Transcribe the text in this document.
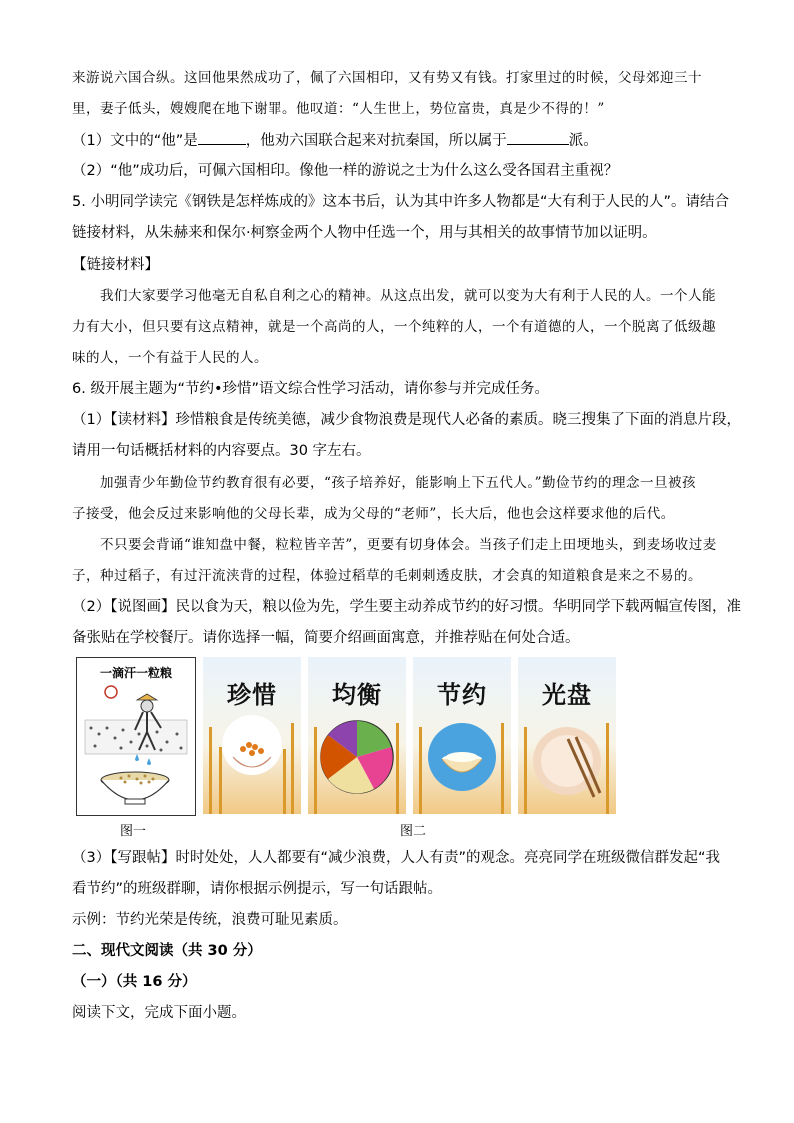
来游说六国合纵。这回他果然成功了，佩了六国相印，又有势又有钱。打家里过的时候，父母郊迎三十
里，妻子低头，嫂嫂爬在地下谢罪。他叹道：“人生世上，势位富贵，真是少不得的！”
（1）文中的“他”是	，他劝六国联合起来对抗秦国，所以属于	派。
（2）“他”成功后，可佩六国相印。像他一样的游说之士为什么这么受各国君主重视？
5. 小明同学读完《钢铁是怎样炼成的》这本书后，认为其中许多人物都是“大有利于人民的人”。请结合
链接材料，从朱赫来和保尔·柯察金两个人物中任选一个，用与其相关的故事情节加以证明。
【链接材料】
我们大家要学习他毫无自私自利之心的精神。从这点出发，就可以变为大有利于人民的人。一个人能
力有大小，但只要有这点精神，就是一个高尚的人，一个纯粹的人，一个有道德的人，一个脱离了低级趣
味的人，一个有益于人民的人。
6. 级开展主题为“节约•珍惜”语文综合性学习活动，请你参与并完成任务。
（1）【读材料】珍惜粮食是传统美德，减少食物浪费是现代人必备的素质。晓三搜集了下面的消息片段，
请用一句话概括材料的内容要点。30 字左右。
加强青少年勤俭节约教育很有必要，“孩子培养好，能影响上下五代人。”勤俭节约的理念一旦被孩
子接受，他会反过来影响他的父母长辈，成为父母的“老师”，长大后，他也会这样要求他的后代。
不只要会背诵“谁知盘中餐，粒粒皆辛苦”，更要有切身体会。当孩子们走上田埂地头，到麦场收过麦
子，种过稻子，有过汗流浃背的过程，体验过稻草的毛刺刺透皮肤，才会真的知道粮食是来之不易的。
（2）【说图画】民以食为天，粮以俭为先，学生要主动养成节约的好习惯。华明同学下载两幅宣传图，准
备张贴在学校餐厅。请你选择一幅，简要介绍画面寓意，并推荐贴在何处合适。
一滴汗一粒粮
珍惜	均衡	节约	光盘
图一	图二
（3）【写跟帖】时时处处，人人都要有“减少浪费，人人有责”的观念。亮亮同学在班级微信群发起“我
看节约”的班级群聊，请你根据示例提示，写一句话跟帖。
示例：节约光荣是传统，浪费可耻见素质。
二、现代文阅读（共 30 分）
（一）（共 16 分）
阅读下文，完成下面小题。
